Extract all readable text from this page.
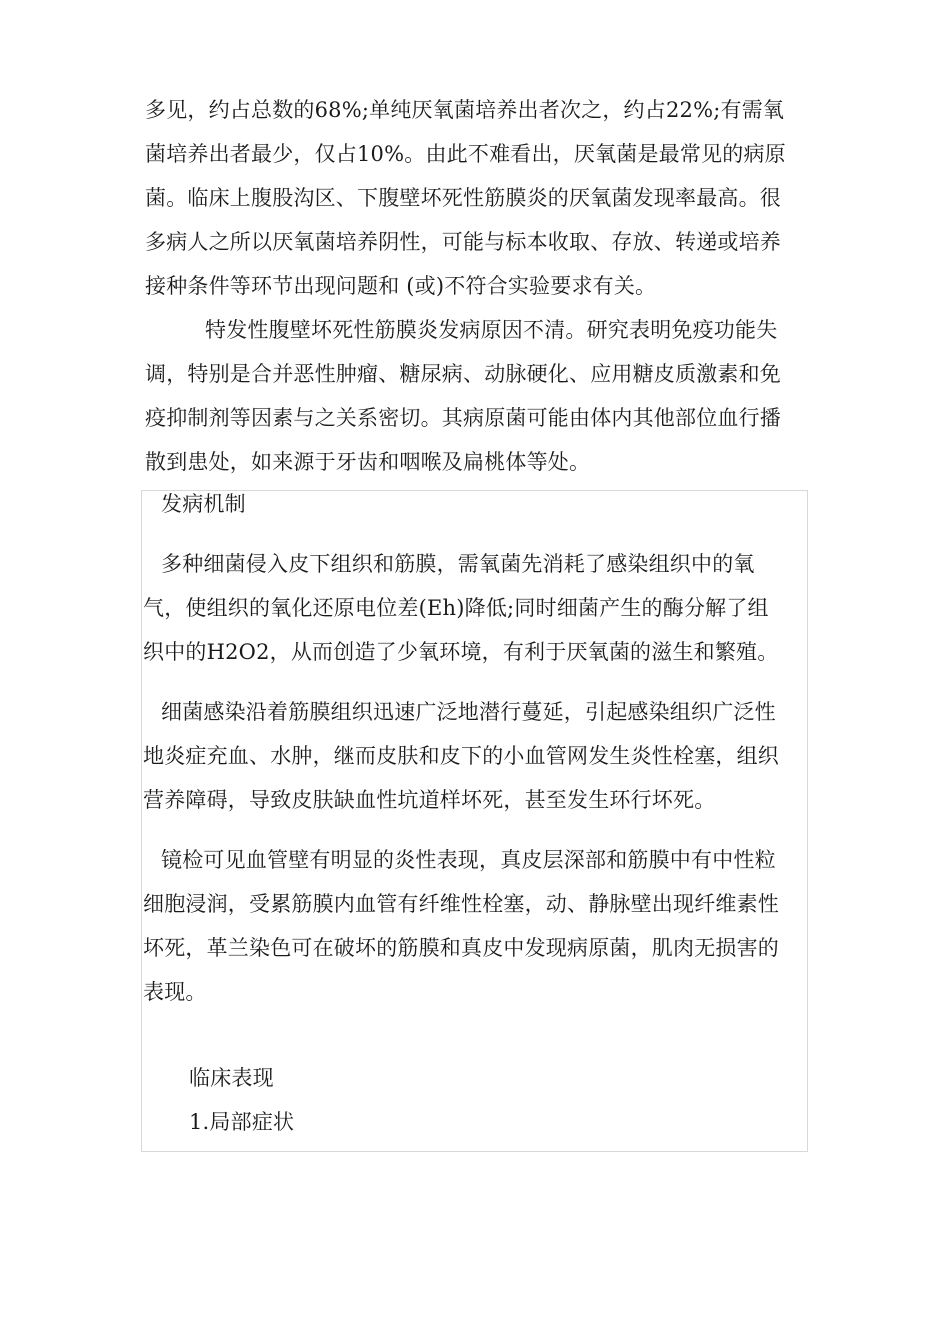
多见，约占总数的68%;单纯厌氧菌培养出者次之，约占22%;有需氧
菌培养出者最少，仅占10%。由此不难看出，厌氧菌是最常见的病原
菌。临床上腹股沟区、下腹壁坏死性筋膜炎的厌氧菌发现率最高。很
多病人之所以厌氧菌培养阴性，可能与标本收取、存放、转递或培养
接种条件等环节出现问题和 (或)不符合实验要求有关。
特发性腹壁坏死性筋膜炎发病原因不清。研究表明免疫功能失
调，特别是合并恶性肿瘤、糖尿病、动脉硬化、应用糖皮质激素和免
疫抑制剂等因素与之关系密切。其病原菌可能由体内其他部位血行播
散到患处，如来源于牙齿和咽喉及扁桃体等处。
发病机制
多种细菌侵入皮下组织和筋膜，需氧菌先消耗了感染组织中的氧
气，使组织的氧化还原电位差(Eh)降低;同时细菌产生的酶分解了组
织中的H2O2，从而创造了少氧环境，有利于厌氧菌的滋生和繁殖。
细菌感染沿着筋膜组织迅速广泛地潜行蔓延，引起感染组织广泛性
地炎症充血、水肿，继而皮肤和皮下的小血管网发生炎性栓塞，组织
营养障碍，导致皮肤缺血性坑道样坏死，甚至发生环行坏死。
镜检可见血管壁有明显的炎性表现，真皮层深部和筋膜中有中性粒
细胞浸润，受累筋膜内血管有纤维性栓塞，动、静脉壁出现纤维素性
坏死，革兰染色可在破坏的筋膜和真皮中发现病原菌，肌肉无损害的
表现。
临床表现
1.局部症状
